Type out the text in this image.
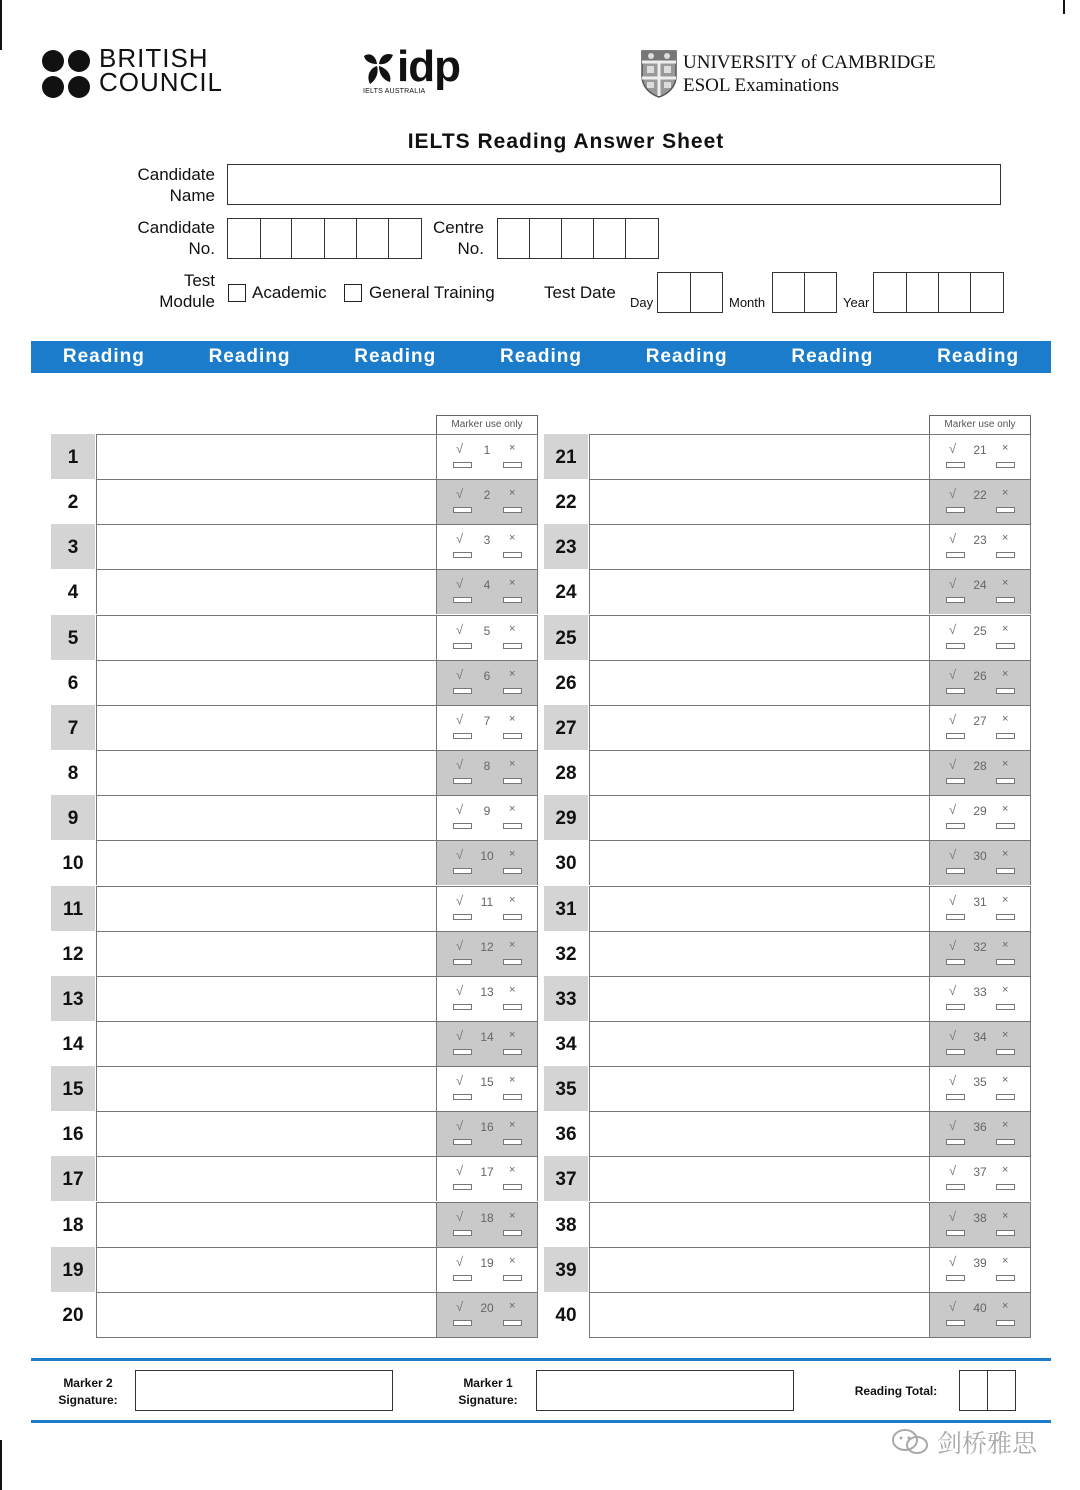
BRITISH
COUNCIL	idp
IELTS AUSTRALIA
UNIVERSITY of CAMBRIDGE
ESOL Examinations
IELTS Reading Answer Sheet
Candidate
Name
Candidate
No.
Centre
No.
Test
Module Academic General Training	Test Date
Day	Month	Year
Reading	Reading	Reading	Reading	Reading	Reading	Reading
Marker use only	Marker use only
1	√	1	×
2	√	2	×
3	√	3	×
4	√	4	×
5	√	5	×
6	√	6	×
7	√	7	×
8	√	8	×
9	√	9	×
10	√	10	×
11	√	11	×
12	√	12	×
13	√	13	×
14	√	14	×
15	√	15	×
16	√	16	×
17	√	17	×
18	√	18	×
19	√	19	×
20	√	20	×
21	√	21	×
22	√	22	×
23	√	23	×
24	√	24	×
25	√	25	×
26	√	26	×
27	√	27	×
28	√	28	×
29	√	29	×
30	√	30	×
31	√	31	×
32	√	32	×
33	√	33	×
34	√	34	×
35	√	35	×
36	√	36	×
37	√	37	×
38	√	38	×
39	√	39	×
40	√	40	×
Marker 2
Signature:
Marker 1
Signature:
Reading Total:
剑桥雅思
